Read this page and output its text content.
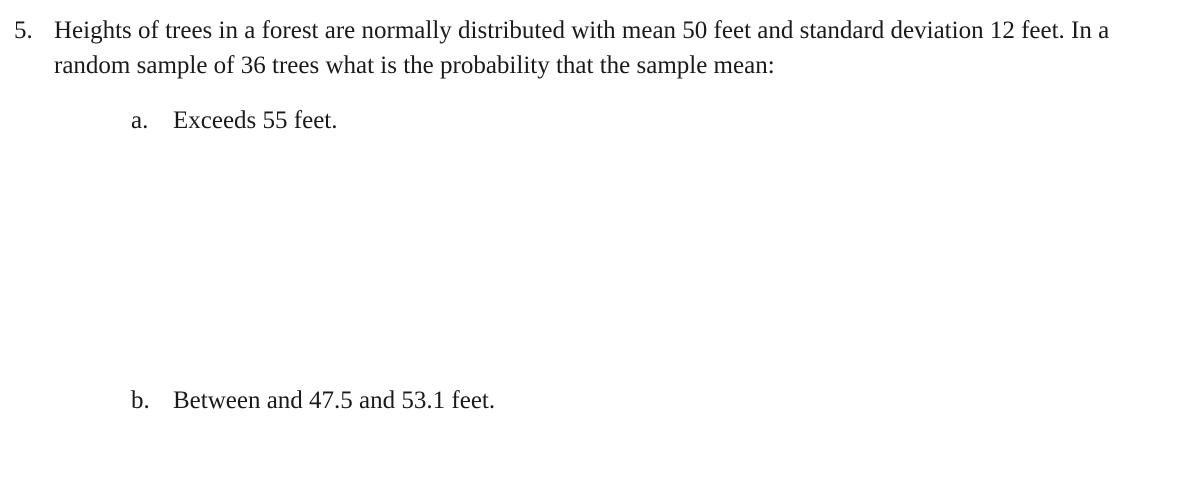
5. Heights of trees in a forest are normally distributed with mean 50 feet and standard deviation 12 feet. In a
random sample of 36 trees what is the probability that the sample mean:
a. Exceeds 55 feet.
b. Between and 47.5 and 53.1 feet.
